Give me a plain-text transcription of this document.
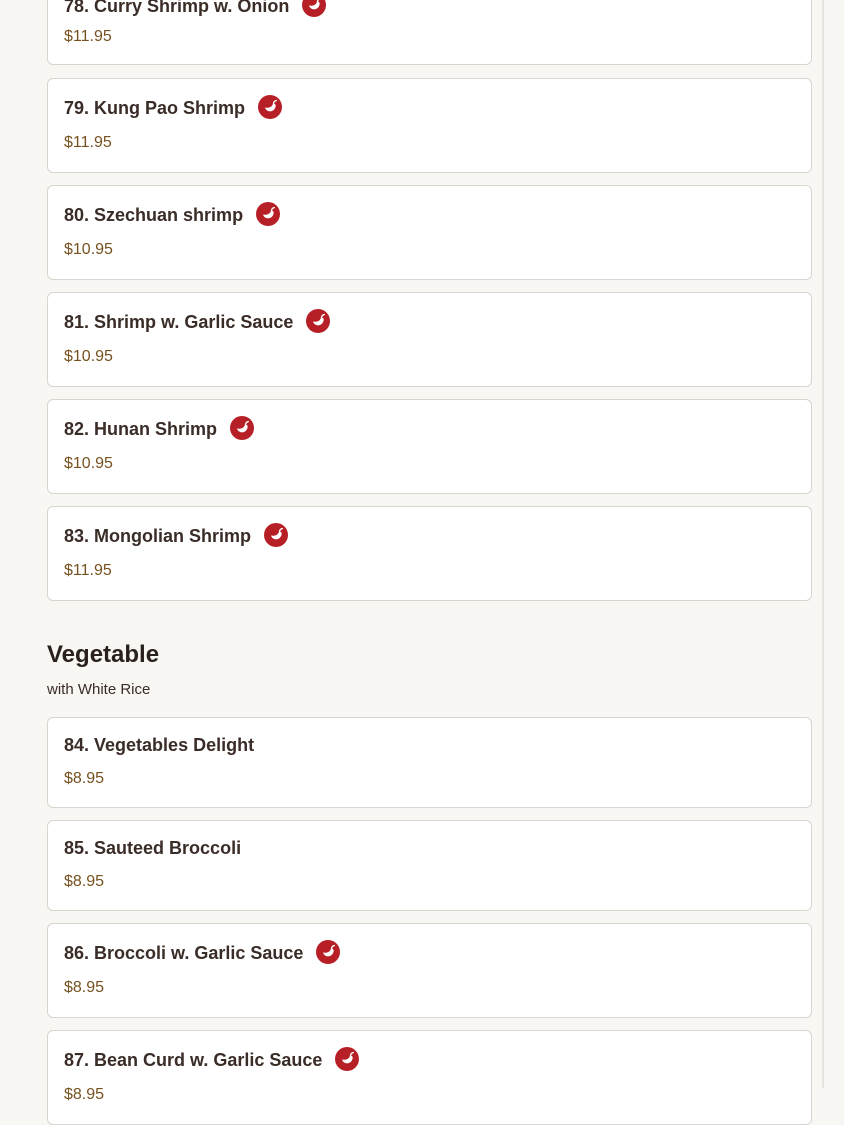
78. Curry Shrimp w. Onion
$11.95
79. Kung Pao Shrimp
$11.95
80. Szechuan shrimp
$10.95
81. Shrimp w. Garlic Sauce
$10.95
82. Hunan Shrimp
$10.95
83. Mongolian Shrimp
$11.95
Vegetable
with White Rice
84. Vegetables Delight
$8.95
85. Sauteed Broccoli
$8.95
86. Broccoli w. Garlic Sauce
$8.95
87. Bean Curd w. Garlic Sauce
$8.95
